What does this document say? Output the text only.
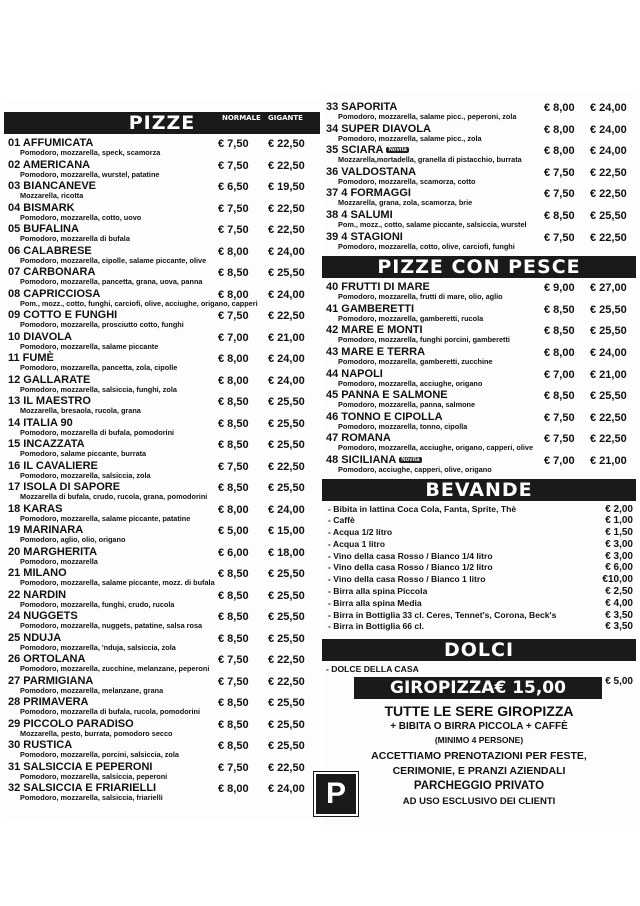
PIZZE	NORMALE GIGANTE
01 AFFUMICATA
Pomodoro, mozzarella, speck, scamorza
€ 7,50 € 22,50
02 AMERICANA
Pomodoro, mozzarella, wurstel, patatine
€ 7,50 € 22,50
03 BIANCANEVE
Mozzarella, ricotta
€ 6,50 € 19,50
04 BISMARK
Pomodoro, mozzarella, cotto, uovo
€ 7,50 € 22,50
05 BUFALINA
Pomodoro, mozzarella di bufala
€ 7,50 € 22,50
06 CALABRESE
Pomodoro, mozzarella, cipolle, salame piccante, olive
€ 8,00 € 24,00
07 CARBONARA
Pomodoro, mozzarella, pancetta, grana, uova, panna
€ 8,50 € 25,50
08 CAPRICCIOSA
Pom., mozz., cotto, funghi, carciofi, olive, acciughe, origano, capperi
€ 8,00 € 24,00
09 COTTO E FUNGHI
Pomodoro, mozzarella, prosciutto cotto, funghi
€ 7,50 € 22,50
10 DIAVOLA
Pomodoro, mozzarella, salame piccante
€ 7,00 € 21,00
11 FUMÈ
Pomodoro, mozzarella, pancetta, zola, cipolle
€ 8,00 € 24,00
12 GALLARATE
Pomodoro, mozzarella, salsiccia, funghi, zola
€ 8,00 € 24,00
13 IL MAESTRO
Mozzarella, bresaola, rucola, grana
€ 8,50 € 25,50
14 ITALIA 90
Pomodoro, mozzarella di bufala, pomodorini
€ 8,50 € 25,50
15 INCAZZATA
Pomodoro, salame piccante, burrata
€ 8,50 € 25,50
16 IL CAVALIERE
Pomodoro, mozzarella, salsiccia, zola
€ 7,50 € 22,50
17 ISOLA DI SAPORE
Mozzarella di bufala, crudo, rucola, grana, pomodorini
€ 8,50 € 25,50
18 KARAS
Pomodoro, mozzarella, salame piccante, patatine
€ 8,00 € 24,00
19 MARINARA
Pomodoro, aglio, olio, origano
€ 5,00 € 15,00
20 MARGHERITA
Pomodoro, mozzarella
€ 6,00 € 18,00
21 MILANO
Pomodoro, mozzarella, salame piccante, mozz. di bufala
€ 8,50 € 25,50
22 NARDIN
Pomodoro, mozzarella, funghi, crudo, rucola
€ 8,50 € 25,50
24 NUGGETS
Pomodoro, mozzarella, nuggets, patatine, salsa rosa
€ 8,50 € 25,50
25 NDUJA
Pomodoro, mozzarella, 'nduja, salsiccia, zola
€ 8,50 € 25,50
26 ORTOLANA
Pomodoro, mozzarella, zucchine, melanzane, peperoni
€ 7,50 € 22,50
27 PARMIGIANA
Pomodoro, mozzarella, melanzane, grana
€ 7,50 € 22,50
28 PRIMAVERA
Pomodoro, mozzarella di bufala, rucola, pomodorini
€ 8,50 € 25,50
29 PICCOLO PARADISO
Mozzarella, pesto, burrata, pomodoro secco
€ 8,50 € 25,50
30 RUSTICA
Pomodoro, mozzarella, porcini, salsiccia, zola
€ 8,50 € 25,50
31 SALSICCIA E PEPERONI
Pomodoro, mozzarella, salsiccia, peperoni
€ 7,50 € 22,50
32 SALSICCIA E FRIARIELLI
Pomodoro, mozzarella, salsiccia, friarielli
€ 8,00 € 24,00
33 SAPORITA
Pomodoro, mozzarella, salame picc., peperoni, zola
€ 8,00 € 24,00
34 SUPER DIAVOLA
Pomodoro, mozzarella, salame picc., zola
€ 8,00 € 24,00
35 SCIARA Novità
Mozzarella,mortadella, granella di pistacchio, burrata
€ 8,00 € 24,00
36 VALDOSTANA
Pomodoro, mozzarella, scamorza, cotto
€ 7,50 € 22,50
37 4 FORMAGGI
Mozzarella, grana, zola, scamorza, brie
€ 7,50 € 22,50
38 4 SALUMI
Pom., mozz., cotto, salame piccante, salsiccia, wurstel
€ 8,50 € 25,50
39 4 STAGIONI
Pomodoro, mozzarella, cotto, olive, carciofi, funghi
€ 7,50 € 22,50
PIZZE CON PESCE
40 FRUTTI DI MARE
Pomodoro, mozzarella, frutti di mare, olio, aglio
€ 9,00 € 27,00
41 GAMBERETTI
Pomodoro, mozzarella, gamberetti, rucola
€ 8,50 € 25,50
42 MARE E MONTI
Pomodoro, mozzarella, funghi porcini, gamberetti
€ 8,50 € 25,50
43 MARE E TERRA
Pomodoro, mozzarella, gamberetti, zucchine
€ 8,00 € 24,00
44 NAPOLI
Pomodoro, mozzarella, acciughe, origano
€ 7,00 € 21,00
45 PANNA E SALMONE
Pomodoro, mozzarella, panna, salmone
€ 8,50 € 25,50
46 TONNO E CIPOLLA
Pomodoro, mozzarella, tonno, cipolla
€ 7,50 € 22,50
47 ROMANA
Pomodoro, mozzarella, acciughe, origano, capperi, olive
€ 7,50 € 22,50
48 SICILIANA Novità
Pomodoro, acciughe, capperi, olive, origano
€ 7,00 € 21,00
BEVANDE
- Bibita in lattina Coca Cola, Fanta, Sprite, Thè	€ 2,00
- Caffè	€ 1,00
- Acqua 1/2 litro	€ 1,50
- Acqua 1 litro	€ 3,00
- Vino della casa Rosso / Bianco 1/4 litro	€ 3,00
- Vino della casa Rosso / Bianco 1/2 litro	€ 6,00
- Vino della casa Rosso / Bianco 1 litro	€10,00
- Birra alla spina Piccola	€ 2,50
- Birra alla spina Media	€ 4,00
- Birra in Bottiglia 33 cl. Ceres, Tennet's, Corona, Beck's	€ 3,50
- Birra in Bottiglia 66 cl.	€ 3,50
DOLCI
- DOLCE DELLA CASA
€ 5,00
GIROPIZZA€ 15,00
TUTTE LE SERE GIROPIZZA
+ BIBITA O BIRRA PICCOLA + CAFFÈ
(MINIMO 4 PERSONE)
ACCETTIAMO PRENOTAZIONI PER FESTE,
CERIMONIE, E PRANZI AZIENDALI
P	PARCHEGGIO PRIVATO
AD USO ESCLUSIVO DEI CLIENTI
